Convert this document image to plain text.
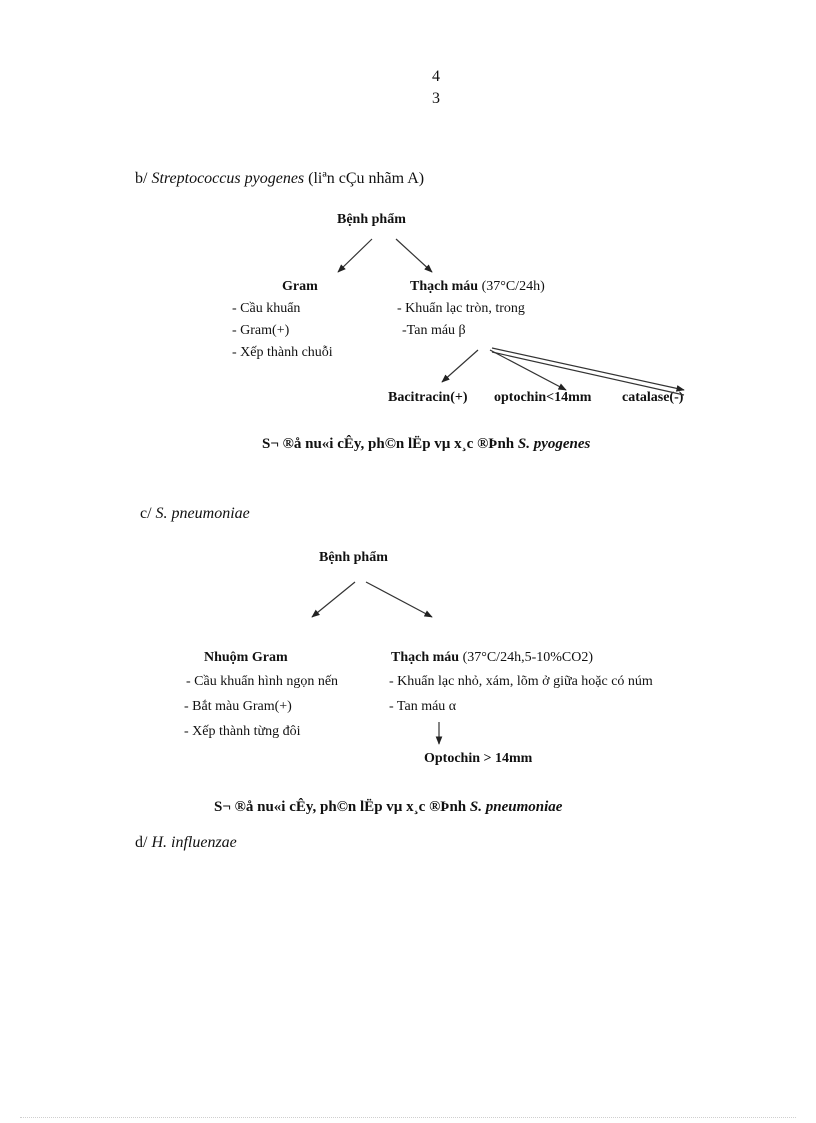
4
3
b/ Streptococcus pyogenes (liªn cÇu nhãm A)
Bệnh phẩm
Gram
- Cầu khuẩn
- Gram(+)
- Xếp thành chuỗi
Thạch máu (37°C/24h)
- Khuẩn lạc tròn, trong
-Tan máu β
Bacitracin(+) optochin<14mm catalase(-)
S¬ ®å nu«i cÊy, ph©n lËp vµ x¸c ®Þnh S. pyogenes
c/ S. pneumoniae
Bệnh phẩm
Nhuộm Gram
- Cầu khuẩn hình ngọn nến
- Bắt màu Gram(+)
- Xếp thành từng đôi
Thạch máu (37°C/24h,5-10%CO2)
- Khuẩn lạc nhỏ, xám, lõm ở giữa hoặc có núm
- Tan máu α
Optochin > 14mm
S¬ ®å nu«i cÊy, ph©n lËp vµ x¸c ®Þnh S. pneumoniae
d/ H. influenzae
